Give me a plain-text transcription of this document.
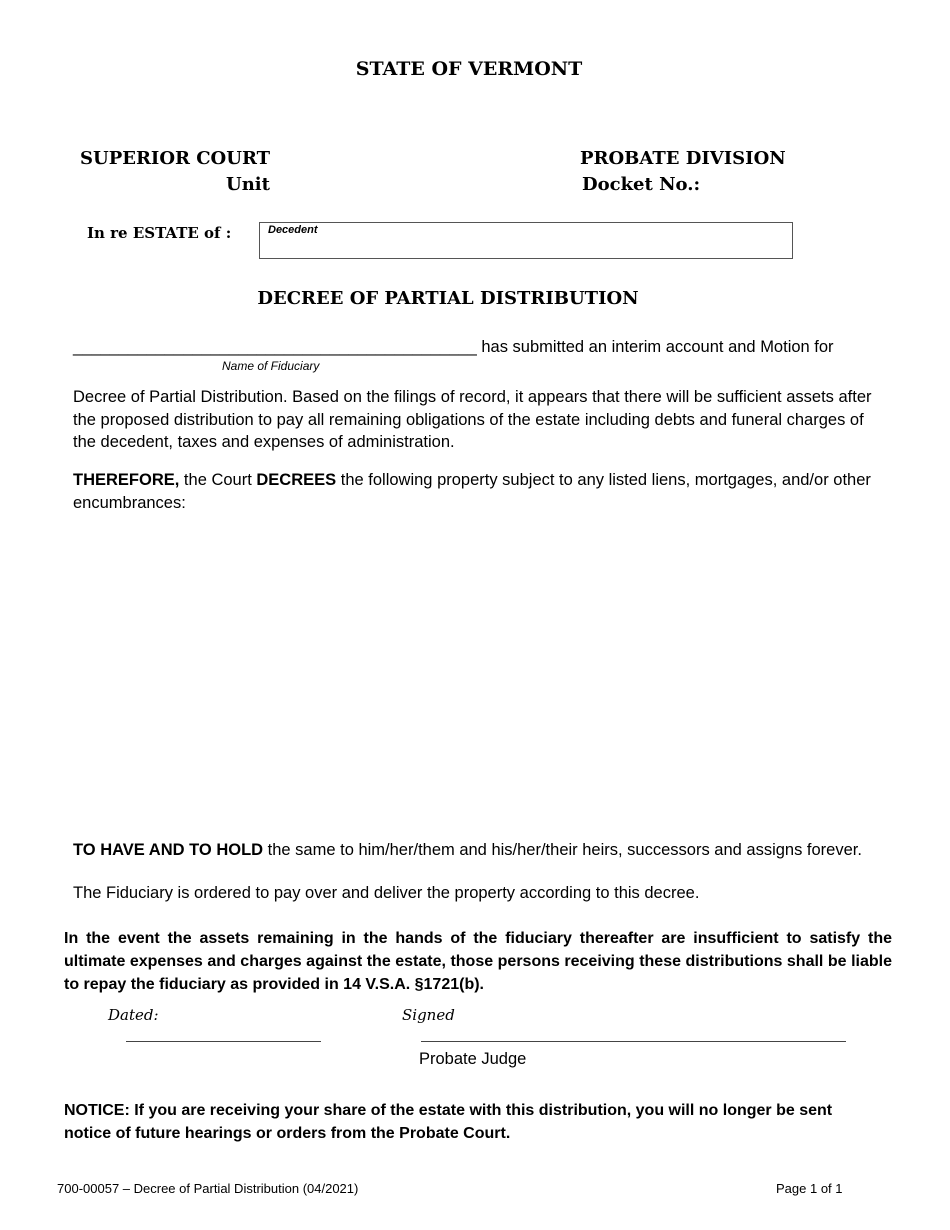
STATE OF VERMONT
SUPERIOR COURT
Unit
PROBATE DIVISION
Docket No.:
In re ESTATE of :	Decedent
DECREE OF PARTIAL DISTRIBUTION
____________________________________________ has submitted an interim account and Motion for
Name of Fiduciary
Decree of Partial Distribution. Based on the filings of record, it appears that there will be sufficient assets after the proposed distribution to pay all remaining obligations of the estate including debts and funeral charges of the decedent, taxes and expenses of administration.
THEREFORE, the Court DECREES the following property subject to any listed liens, mortgages, and/or other encumbrances:
TO HAVE AND TO HOLD the same to him/her/them and his/her/their heirs, successors and assigns forever.
The Fiduciary is ordered to pay over and deliver the property according to this decree.
In the event the assets remaining in the hands of the fiduciary thereafter are insufficient to satisfy the ultimate expenses and charges against the estate, those persons receiving these distributions shall be liable to repay the fiduciary as provided in 14 V.S.A. §1721(b).
Dated:	Signed
Probate Judge
NOTICE: If you are receiving your share of the estate with this distribution, you will no longer be sent notice of future hearings or orders from the Probate Court.
700-00057 – Decree of Partial Distribution (04/2021)	Page 1 of 1
